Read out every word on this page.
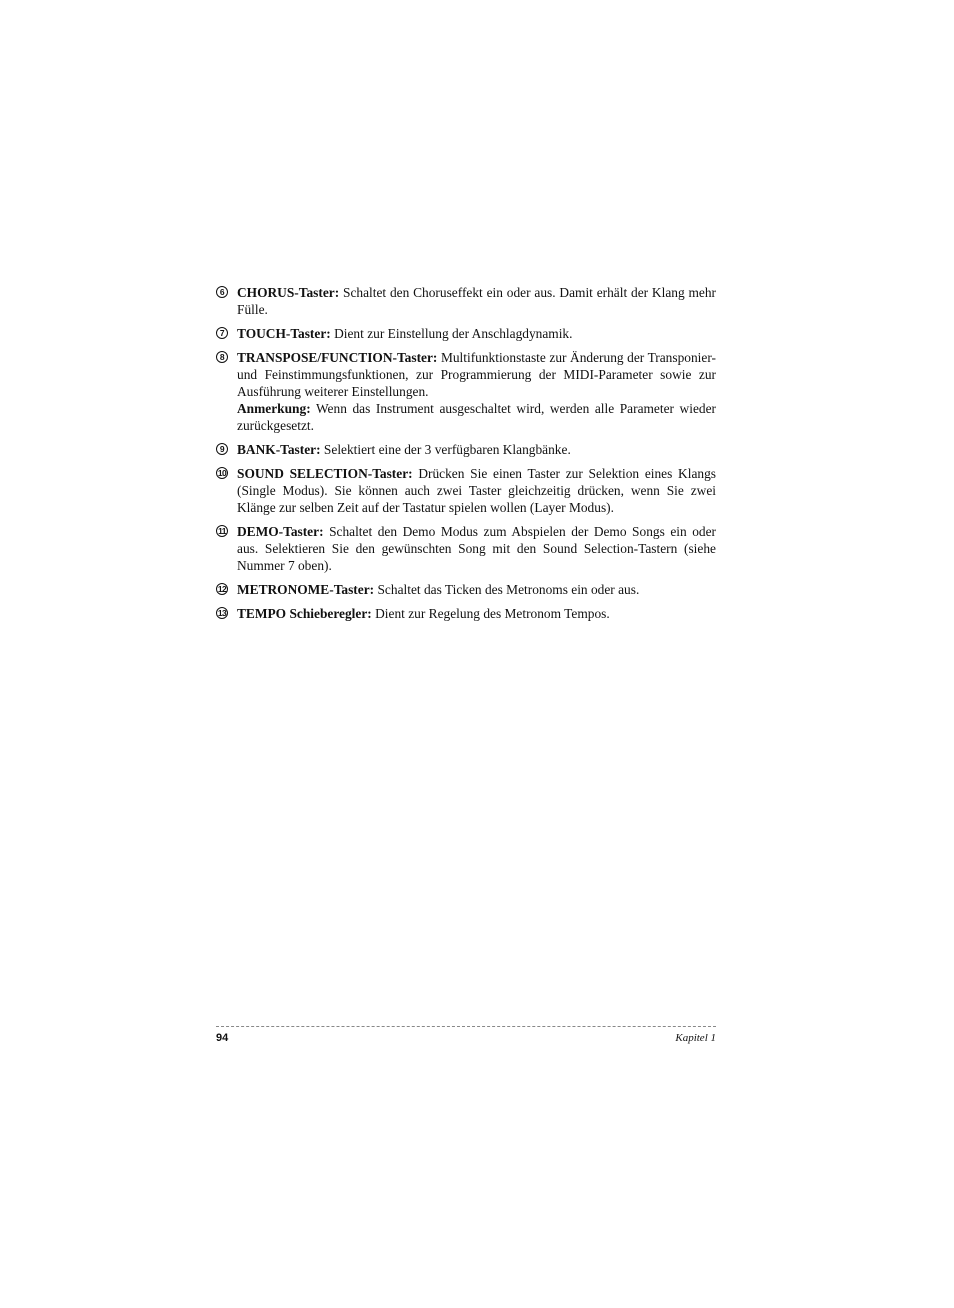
6 CHORUS-Taster: Schaltet den Choruseffekt ein oder aus. Damit erhält der Klang mehr Fülle.

7 TOUCH-Taster: Dient zur Einstellung der Anschlagdynamik.

8 TRANSPOSE/FUNCTION-Taster: Multifunktionstaste zur Änderung der Transponier- und Feinstimmungsfunktionen, zur Programmierung der MIDI-Parameter sowie zur Ausführung weiterer Einstellungen.

Anmerkung: Wenn das Instrument ausgeschaltet wird, werden alle Parameter wieder zurückgesetzt.

9 BANK-Taster: Selektiert eine der 3 verfügbaren Klangbänke.

10 SOUND SELECTION-Taster: Drücken Sie einen Taster zur Selektion eines Klangs (Single Modus). Sie können auch zwei Taster gleichzeitig drücken, wenn Sie zwei Klänge zur selben Zeit auf der Tastatur spielen wollen (Layer Modus).

11 DEMO-Taster: Schaltet den Demo Modus zum Abspielen der Demo Songs ein oder aus. Selektieren Sie den gewünschten Song mit den Sound Selection-Tastern (siehe Nummer 7 oben).

12 METRONOME-Taster: Schaltet das Ticken des Metronoms ein oder aus.

13 TEMPO Schieberegler: Dient zur Regelung des Metronom Tempos.

94	Kapitel 1
